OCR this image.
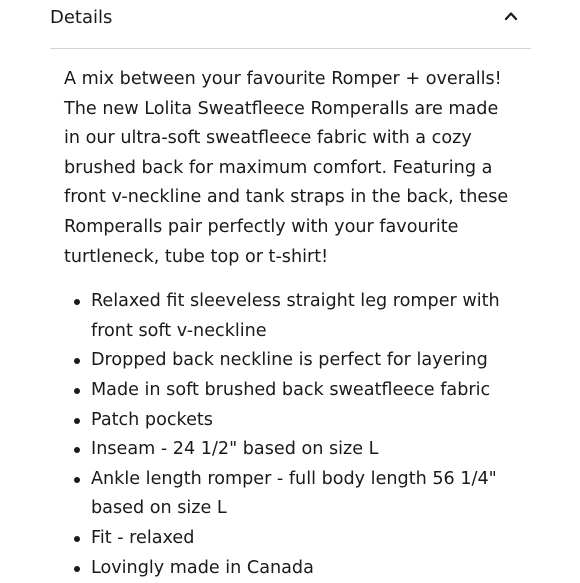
Details

A mix between your favourite Romper + overalls! The new Lolita Sweatfleece Romperalls are made in our ultra-soft sweatfleece fabric with a cozy brushed back for maximum comfort. Featuring a front v-neckline and tank straps in the back, these Romperalls pair perfectly with your favourite turtleneck, tube top or t-shirt!

Relaxed fit sleeveless straight leg romper with front soft v-neckline
Dropped back neckline is perfect for layering
Made in soft brushed back sweatfleece fabric
Patch pockets
Inseam - 24 1/2" based on size L
Ankle length romper - full body length 56 1/4" based on size L
Fit - relaxed
Lovingly made in Canada
